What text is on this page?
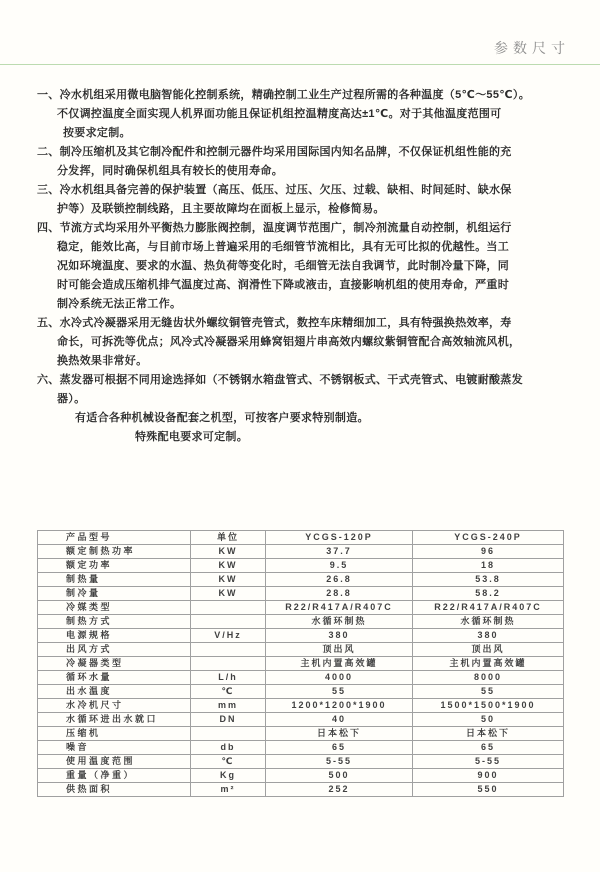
参数尺寸
一、冷水机组采用微电脑智能化控制系统，精确控制工业生产过程所需的各种温度（5℃～55℃）。
不仅调控温度全面实现人机界面功能且保证机组控温精度高达±1℃。对于其他温度范围可
按要求定制。
二、制冷压缩机及其它制冷配件和控制元器件均采用国际国内知名品牌，不仅保证机组性能的充
分发挥，同时确保机组具有较长的使用寿命。
三、冷水机组具备完善的保护装置（高压、低压、过压、欠压、过载、缺相、时间延时、缺水保
护等）及联锁控制线路，且主要故障均在面板上显示，检修简易。
四、节流方式均采用外平衡热力膨胀阀控制，温度调节范围广，制冷剂流量自动控制，机组运行
稳定，能效比高，与目前市场上普遍采用的毛细管节流相比，具有无可比拟的优越性。当工
况如环境温度、要求的水温、热负荷等变化时，毛细管无法自我调节，此时制冷量下降，同
时可能会造成压缩机排气温度过高、润滑性下降或液击，直接影响机组的使用寿命，严重时
制冷系统无法正常工作。
五、水冷式冷凝器采用无缝齿状外螺纹铜管壳管式，数控车床精细加工，具有特强换热效率，寿
命长，可拆洗等优点；风冷式冷凝器采用蜂窝铝翅片串高效内螺纹紫铜管配合高效轴流风机，
换热效果非常好。
六、蒸发器可根据不同用途选择如（不锈钢水箱盘管式、不锈钢板式、干式壳管式、电镀耐酸蒸发
器）。
有适合各种机械设备配套之机型，可按客户要求特别制造。
特殊配电要求可定制。
产品型号	单位	YCGS-120P	YCGS-240P
额定制热功率	KW	37.7	96
额定功率	KW	9.5	18
制热量	KW	26.8	53.8
制冷量	KW	28.8	58.2
冷媒类型		R22/R417A/R407C	R22/R417A/R407C
制热方式		水循环制热	水循环制热
电源规格	V/Hz	380	380
出风方式		顶出风	顶出风
冷凝器类型		主机内置高效罐	主机内置高效罐
循环水量	L/h	4000	8000
出水温度	℃	55	55
水冷机尺寸	mm	1200*1200*1900	1500*1500*1900
水循环进出水就口	DN	40	50
压缩机		日本松下	日本松下
噪音	db	65	65
使用温度范围	℃	5-55	5-55
重量（净重）	Kg	500	900
供热面积	m²	252	550
